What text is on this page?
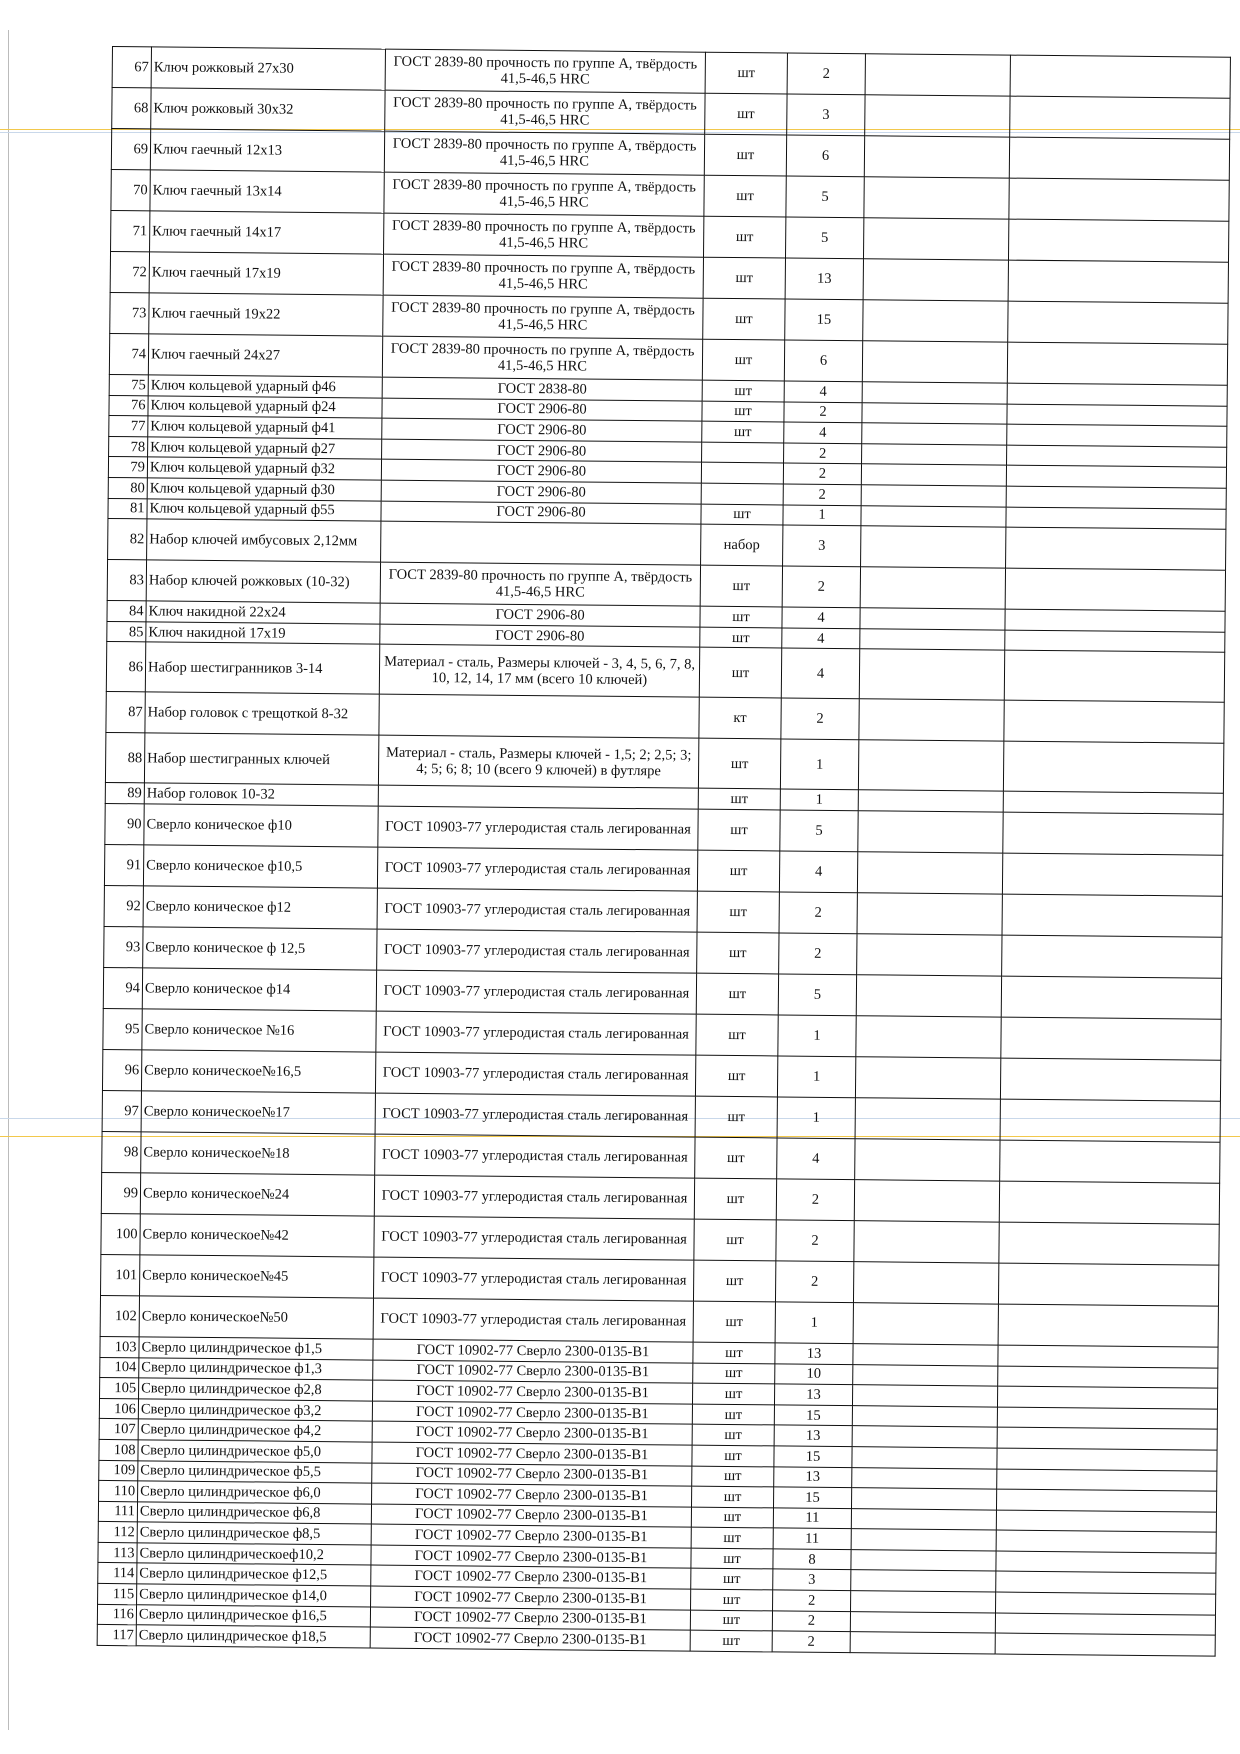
67	Ключ рожковый 27х30	ГОСТ 2839-80 прочность по группе А, твёрдость 41,5-46,5 HRC	шт	2		
68	Ключ рожковый 30х32	ГОСТ 2839-80 прочность по группе А, твёрдость 41,5-46,5 HRC	шт	3		
69	Ключ гаечный 12х13	ГОСТ 2839-80 прочность по группе А, твёрдость 41,5-46,5 HRC	шт	6		
70	Ключ гаечный 13х14	ГОСТ 2839-80 прочность по группе А, твёрдость 41,5-46,5 HRC	шт	5		
71	Ключ гаечный 14х17	ГОСТ 2839-80 прочность по группе А, твёрдость 41,5-46,5 HRC	шт	5		
72	Ключ гаечный 17х19	ГОСТ 2839-80 прочность по группе А, твёрдость 41,5-46,5 HRC	шт	13		
73	Ключ гаечный 19х22	ГОСТ 2839-80 прочность по группе А, твёрдость 41,5-46,5 HRC	шт	15		
74	Ключ гаечный 24х27	ГОСТ 2839-80 прочность по группе А, твёрдость 41,5-46,5 HRC	шт	6		
75	Ключ кольцевой ударный ф46	ГОСТ 2838-80	шт	4		
76	Ключ кольцевой ударный ф24	ГОСТ 2906-80	шт	2		
77	Ключ кольцевой ударный ф41	ГОСТ 2906-80	шт	4		
78	Ключ кольцевой ударный ф27	ГОСТ 2906-80		2		
79	Ключ кольцевой ударный ф32	ГОСТ 2906-80		2		
80	Ключ кольцевой ударный ф30	ГОСТ 2906-80		2		
81	Ключ кольцевой ударный ф55	ГОСТ 2906-80	шт	1		
82	Набор ключей имбусовых 2,12мм		набор	3		
83	Набор ключей рожковых (10-32)	ГОСТ 2839-80 прочность по группе А, твёрдость 41,5-46,5 HRC	шт	2		
84	Ключ накидной 22х24	ГОСТ 2906-80	шт	4		
85	Ключ накидной 17х19	ГОСТ 2906-80	шт	4		
86	Набор шестигранников 3-14	Материал - сталь, Размеры ключей - 3, 4, 5, 6, 7, 8, 10, 12, 14, 17 мм (всего 10 ключей)	шт	4		
87	Набор головок с трещоткой 8-32		кт	2		
88	Набор шестигранных ключей	Материал - сталь, Размеры ключей - 1,5; 2; 2,5; 3; 4; 5; 6; 8; 10 (всего 9 ключей) в футляре	шт	1		
89	Набор головок 10-32		шт	1		
90	Сверло коническое ф10	ГОСТ 10903-77 углеродистая сталь легированная	шт	5		
91	Сверло коническое ф10,5	ГОСТ 10903-77 углеродистая сталь легированная	шт	4		
92	Сверло коническое ф12	ГОСТ 10903-77 углеродистая сталь легированная	шт	2		
93	Сверло коническое ф 12,5	ГОСТ 10903-77 углеродистая сталь легированная	шт	2		
94	Сверло коническое ф14	ГОСТ 10903-77 углеродистая сталь легированная	шт	5		
95	Сверло коническое №16	ГОСТ 10903-77 углеродистая сталь легированная	шт	1		
96	Сверло коническое№16,5	ГОСТ 10903-77 углеродистая сталь легированная	шт	1		
97	Сверло коническое№17	ГОСТ 10903-77 углеродистая сталь легированная	шт	1		
98	Сверло коническое№18	ГОСТ 10903-77 углеродистая сталь легированная	шт	4		
99	Сверло коническое№24	ГОСТ 10903-77 углеродистая сталь легированная	шт	2		
100	Сверло коническое№42	ГОСТ 10903-77 углеродистая сталь легированная	шт	2		
101	Сверло коническое№45	ГОСТ 10903-77 углеродистая сталь легированная	шт	2		
102	Сверло коническое№50	ГОСТ 10903-77 углеродистая сталь легированная	шт	1		
103	Сверло цилиндрическое ф1,5	ГОСТ 10902-77 Сверло 2300-0135-В1	шт	13		
104	Сверло цилиндрическое ф1,3	ГОСТ 10902-77 Сверло 2300-0135-В1	шт	10		
105	Сверло цилиндрическое ф2,8	ГОСТ 10902-77 Сверло 2300-0135-В1	шт	13		
106	Сверло цилиндрическое ф3,2	ГОСТ 10902-77 Сверло 2300-0135-В1	шт	15		
107	Сверло цилиндрическое ф4,2	ГОСТ 10902-77 Сверло 2300-0135-В1	шт	13		
108	Сверло цилиндрическое ф5,0	ГОСТ 10902-77 Сверло 2300-0135-В1	шт	15		
109	Сверло цилиндрическое ф5,5	ГОСТ 10902-77 Сверло 2300-0135-В1	шт	13		
110	Сверло цилиндрическое ф6,0	ГОСТ 10902-77 Сверло 2300-0135-В1	шт	15		
111	Сверло цилиндрическое ф6,8	ГОСТ 10902-77 Сверло 2300-0135-В1	шт	11		
112	Сверло цилиндрическое ф8,5	ГОСТ 10902-77 Сверло 2300-0135-В1	шт	11		
113	Сверло цилиндрическоеф10,2	ГОСТ 10902-77 Сверло 2300-0135-В1	шт	8		
114	Сверло цилиндрическое ф12,5	ГОСТ 10902-77 Сверло 2300-0135-В1	шт	3		
115	Сверло цилиндрическое ф14,0	ГОСТ 10902-77 Сверло 2300-0135-В1	шт	2		
116	Сверло цилиндрическое ф16,5	ГОСТ 10902-77 Сверло 2300-0135-В1	шт	2		
117	Сверло цилиндрическое ф18,5	ГОСТ 10902-77 Сверло 2300-0135-В1	шт	2		
